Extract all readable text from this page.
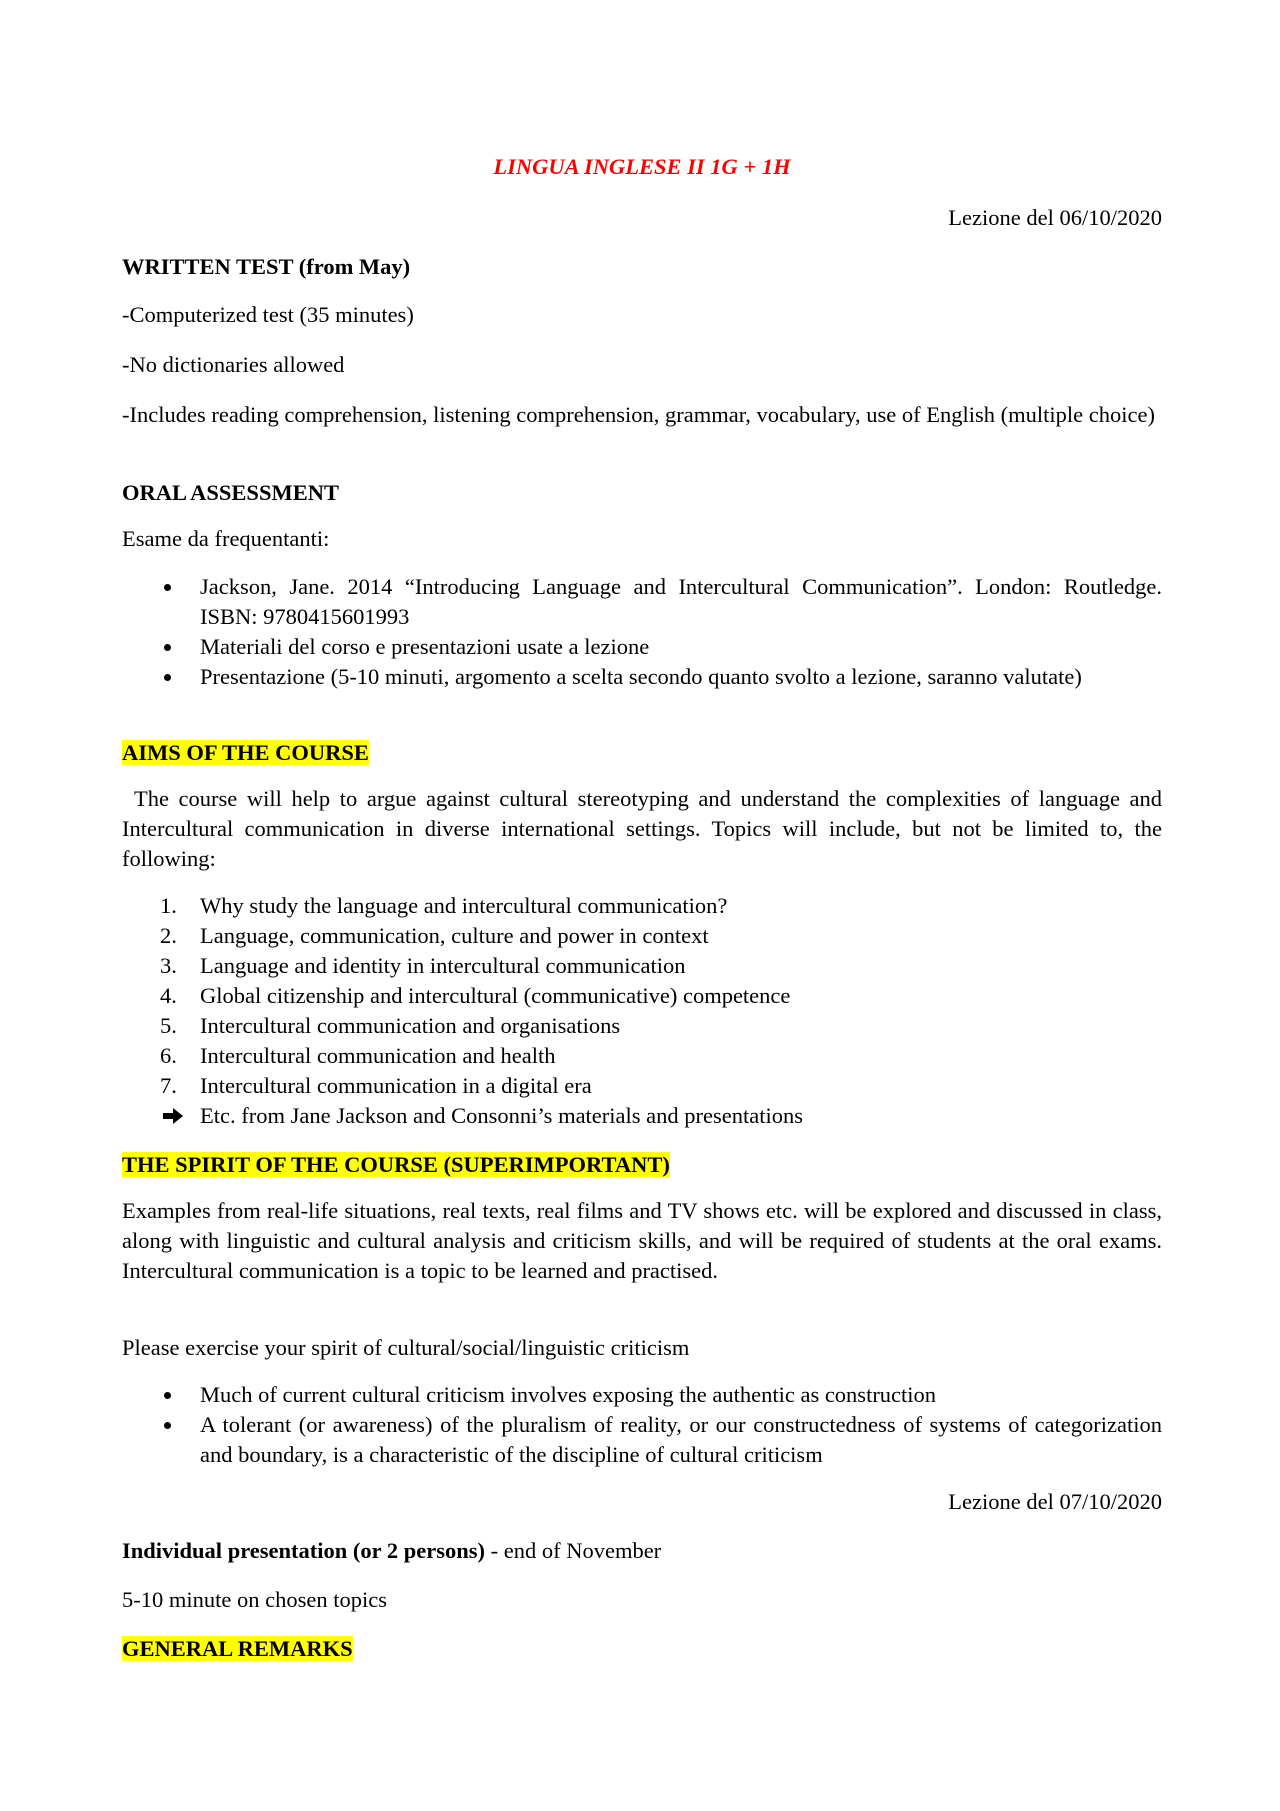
LINGUA INGLESE II 1G + 1H
Lezione del 06/10/2020
WRITTEN TEST (from May)
-Computerized test (35 minutes)
-No dictionaries allowed
-Includes reading comprehension, listening comprehension, grammar, vocabulary, use of English (multiple choice)
ORAL ASSESSMENT
Esame da frequentanti:
Jackson, Jane. 2014 “Introducing Language and Intercultural Communication”. London: Routledge. ISBN: 9780415601993
Materiali del corso e presentazioni usate a lezione
Presentazione (5-10 minuti, argomento a scelta secondo quanto svolto a lezione, saranno valutate)
AIMS OF THE COURSE
The course will help to argue against cultural stereotyping and understand the complexities of language and Intercultural communication in diverse international settings. Topics will include, but not be limited to, the following:
1. Why study the language and intercultural communication?
2. Language, communication, culture and power in context
3. Language and identity in intercultural communication
4. Global citizenship and intercultural (communicative) competence
5. Intercultural communication and organisations
6. Intercultural communication and health
7. Intercultural communication in a digital era
Etc. from Jane Jackson and Consonni’s materials and presentations
THE SPIRIT OF THE COURSE (SUPERIMPORTANT)
Examples from real-life situations, real texts, real films and TV shows etc. will be explored and discussed in class, along with linguistic and cultural analysis and criticism skills, and will be required of students at the oral exams. Intercultural communication is a topic to be learned and practised.
Please exercise your spirit of cultural/social/linguistic criticism
Much of current cultural criticism involves exposing the authentic as construction
A tolerant (or awareness) of the pluralism of reality, or our constructedness of systems of categorization and boundary, is a characteristic of the discipline of cultural criticism
Lezione del 07/10/2020
Individual presentation (or 2 persons) - end of November
5-10 minute on chosen topics
GENERAL REMARKS
